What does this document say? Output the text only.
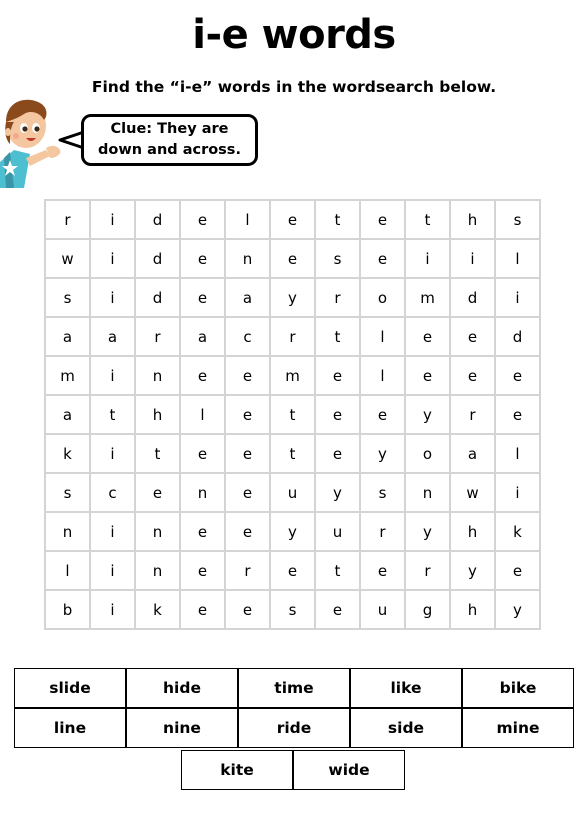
i-e words
Find the “i-e” words in the wordsearch below.
Clue: They are
down and across.
r	i	d	e	l	e	t	e	t	h	s
w	i	d	e	n	e	s	e	i	i	l
s	i	d	e	a	y	r	o	m	d	i
a	a	r	a	c	r	t	l	e	e	d
m	i	n	e	e	m	e	l	e	e	e
a	t	h	l	e	t	e	e	y	r	e
k	i	t	e	e	t	e	y	o	a	l
s	c	e	n	e	u	y	s	n	w	i
n	i	n	e	e	y	u	r	y	h	k
l	i	n	e	r	e	t	e	r	y	e
b	i	k	e	e	s	e	u	g	h	y
slide	hide	time	like	bike
line	nine	ride	side	mine
kite	wide
